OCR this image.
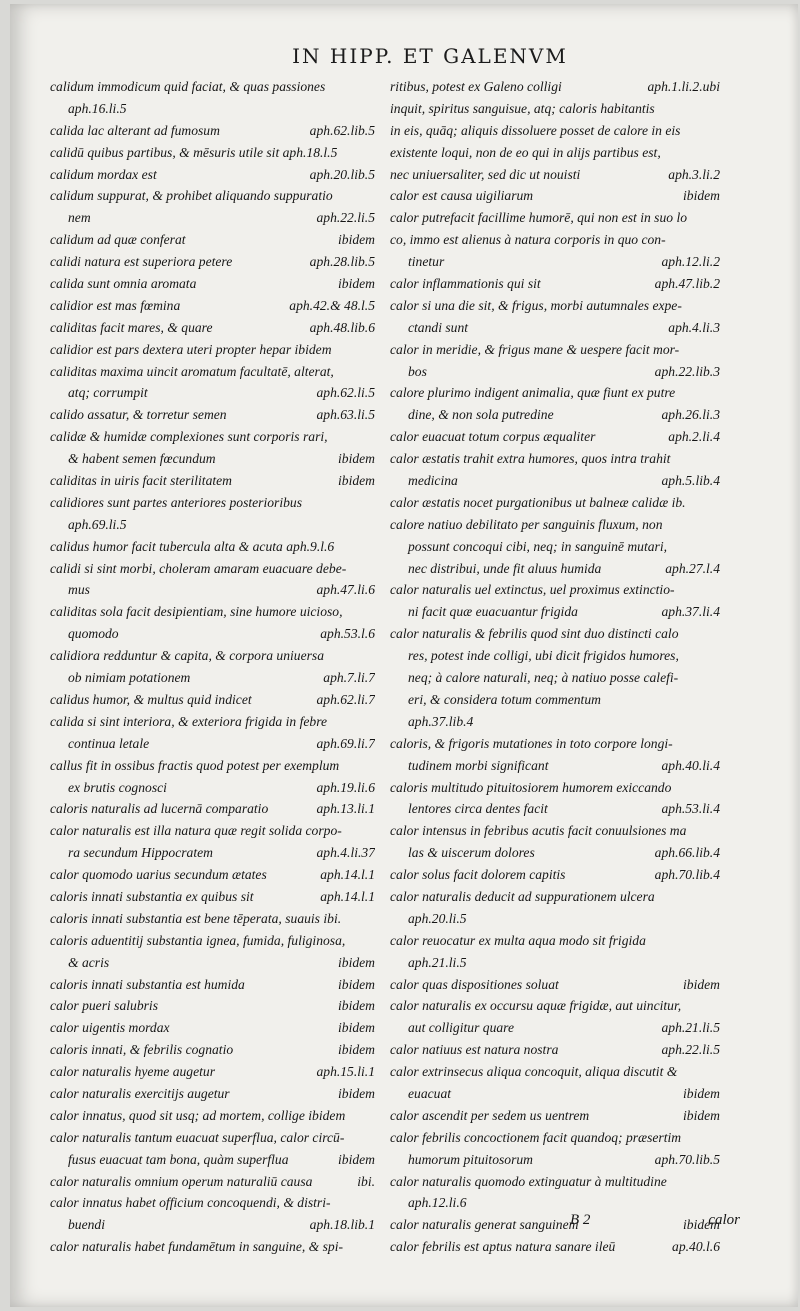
IN HIPP. ET GALENVM
calidum immodicum quid faciat, & quas passiones
aph.16.li.5
calida lac alterant ad fumosum	aph.62.lib.5
calidū quibus partibus, & mēsuris utile sit aph.18.l.5
calidum mordax est	aph.20.lib.5
calidum suppurat, & prohibet aliquando suppuratio
nem	aph.22.li.5
calidum ad quæ conferat	ibidem
calidi natura est superiora petere	aph.28.lib.5
calida sunt omnia aromata	ibidem
calidior est mas fœmina	aph.42.& 48.l.5
caliditas facit mares, & quare	aph.48.lib.6
calidior est pars dextera uteri propter hepar ibidem
caliditas maxima uincit aromatum facultatē, alterat,
atq; corrumpit	aph.62.li.5
calido assatur, & torretur semen	aph.63.li.5
calidæ & humidæ complexiones sunt corporis rari,
& habent semen fœcundum	ibidem
caliditas in uiris facit sterilitatem	ibidem
calidiores sunt partes anteriores posterioribus
aph.69.li.5
calidus humor facit tubercula alta & acuta aph.9.l.6
calidi si sint morbi, choleram amaram euacuare debe-
mus	aph.47.li.6
caliditas sola facit desipientiam, sine humore uicioso,
quomodo	aph.53.l.6
calidiora redduntur & capita, & corpora uniuersa
ob nimiam potationem	aph.7.li.7
calidus humor, & multus quid indicet	aph.62.li.7
calida si sint interiora, & exteriora frigida in febre
continua letale	aph.69.li.7
callus fit in ossibus fractis quod potest per exemplum
ex brutis cognosci	aph.19.li.6
caloris naturalis ad lucernā comparatio	aph.13.li.1
calor naturalis est illa natura quæ regit solida corpo-
ra secundum Hippocratem	aph.4.li.37
calor quomodo uarius secundum ætates	aph.14.l.1
caloris innati substantia ex quibus sit	aph.14.l.1
caloris innati substantia est bene tēperata, suauis ibi.
caloris aduentitij substantia ignea, fumida, fuliginosa,
& acris	ibidem
caloris innati substantia est humida	ibidem
calor pueri salubris	ibidem
calor uigentis mordax	ibidem
caloris innati, & febrilis cognatio	ibidem
calor naturalis hyeme augetur	aph.15.li.1
calor naturalis exercitijs augetur	ibidem
calor innatus, quod sit usq; ad mortem, collige ibidem
calor naturalis tantum euacuat superflua, calor circū-
fusus euacuat tam bona, quàm superflua	ibidem
calor naturalis omnium operum naturaliū causa	ibi.
calor innatus habet officium concoquendi, & distri-
buendi	aph.18.lib.1
calor naturalis habet fundamētum in sanguine, & spi-
ritibus, potest ex Galeno colligi	aph.1.li.2.ubi
inquit, spiritus sanguisue, atq; caloris habitantis
in eis, quāq; aliquis dissoluere posset de calore in eis
existente loqui, non de eo qui in alijs partibus est,
nec uniuersaliter, sed dic ut nouisti	aph.3.li.2
calor est causa uigiliarum	ibidem
calor putrefacit facillime humorē, qui non est in suo lo
co, immo est alienus à natura corporis in quo con-
tinetur	aph.12.li.2
calor inflammationis qui sit	aph.47.lib.2
calor si una die sit, & frigus, morbi autumnales expe-
ctandi sunt	aph.4.li.3
calor in meridie, & frigus mane & uespere facit mor-
bos	aph.22.lib.3
calore plurimo indigent animalia, quæ fiunt ex putre
dine, & non sola putredine	aph.26.li.3
calor euacuat totum corpus æqualiter	aph.2.li.4
calor æstatis trahit extra humores, quos intra trahit
medicina	aph.5.lib.4
calor æstatis nocet purgationibus ut balneæ calidæ ib.
calore natiuo debilitato per sanguinis fluxum, non
possunt concoqui cibi, neq; in sanguinē mutari,
nec distribui, unde fit aluus humida	aph.27.l.4
calor naturalis uel extinctus, uel proximus extinctio-
ni facit quæ euacuantur frigida	aph.37.li.4
calor naturalis & febrilis quod sint duo distincti calo
res, potest inde colligi, ubi dicit frigidos humores,
neq; à calore naturali, neq; à natiuo posse calefi-
eri, & considera totum commentum
aph.37.lib.4
caloris, & frigoris mutationes in toto corpore longi-
tudinem morbi significant	aph.40.li.4
caloris multitudo pituitosiorem humorem exiccando
lentores circa dentes facit	aph.53.li.4
calor intensus in febribus acutis facit conuulsiones ma
las & uiscerum dolores	aph.66.lib.4
calor solus facit dolorem capitis	aph.70.lib.4
calor naturalis deducit ad suppurationem ulcera
aph.20.li.5
calor reuocatur ex multa aqua modo sit frigida
aph.21.li.5
calor quas dispositiones soluat	ibidem
calor naturalis ex occursu aquæ frigidæ, aut uincitur,
aut colligitur quare	aph.21.li.5
calor natiuus est natura nostra	aph.22.li.5
calor extrinsecus aliqua concoquit, aliqua discutit &
euacuat	ibidem
calor ascendit per sedem us uentrem	ibidem
calor febrilis concoctionem facit quandoq; præsertim
humorum pituitosorum	aph.70.lib.5
calor naturalis quomodo extinguatur à multitudine
aph.12.li.6
calor naturalis generat sanguinem	ibidem
calor febrilis est aptus natura sanare ileū	ap.40.l.6
B 2	calor
